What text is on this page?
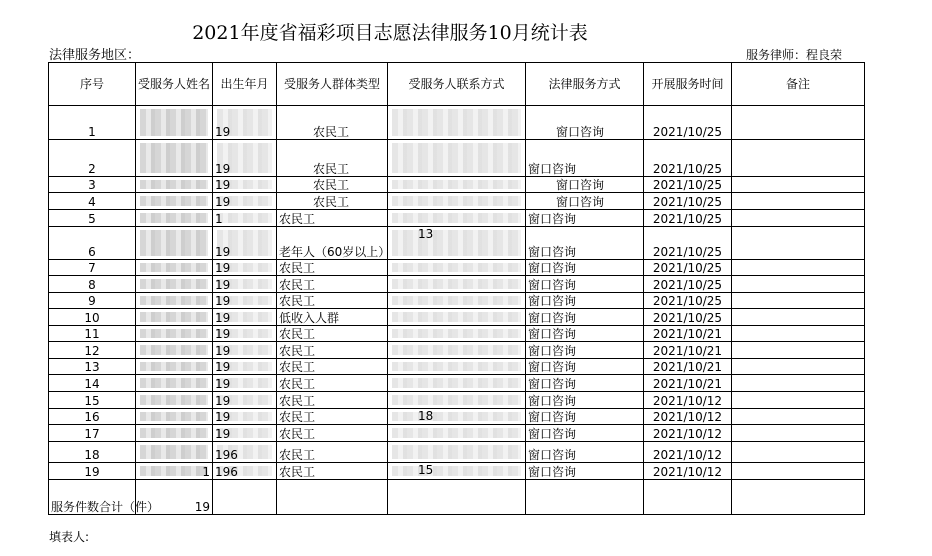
2021年度省福彩项目志愿法律服务10月统计表
法律服务地区：	服务律师：程良荣
序号	受服务人姓名	出生年月	受服务人群体类型	受服务人联系方式	法律服务方式	开展服务时间	备注
1		19	农民工		窗口咨询	2021/10/25	
2		19	农民工		窗口咨询	2021/10/25	
3		19	农民工		窗口咨询	2021/10/25	
4		19	农民工		窗口咨询	2021/10/25	
5		1	农民工		窗口咨询	2021/10/25	
6		19	老年人（60岁以上）	13	窗口咨询	2021/10/25	
7		19	农民工		窗口咨询	2021/10/25	
8		19	农民工		窗口咨询	2021/10/25	
9		19	农民工		窗口咨询	2021/10/25	
10		19	低收入人群		窗口咨询	2021/10/25	
11		19	农民工		窗口咨询	2021/10/21	
12		19	农民工		窗口咨询	2021/10/21	
13		19	农民工		窗口咨询	2021/10/21	
14		19	农民工		窗口咨询	2021/10/21	
15		19	农民工		窗口咨询	2021/10/12	
16		19	农民工	18	窗口咨询	2021/10/12	
17		19	农民工		窗口咨询	2021/10/12	
18		196	农民工		窗口咨询	2021/10/12	
19	1	196	农民工	15	窗口咨询	2021/10/12	
服务件数合计（件）	19						
填表人:
